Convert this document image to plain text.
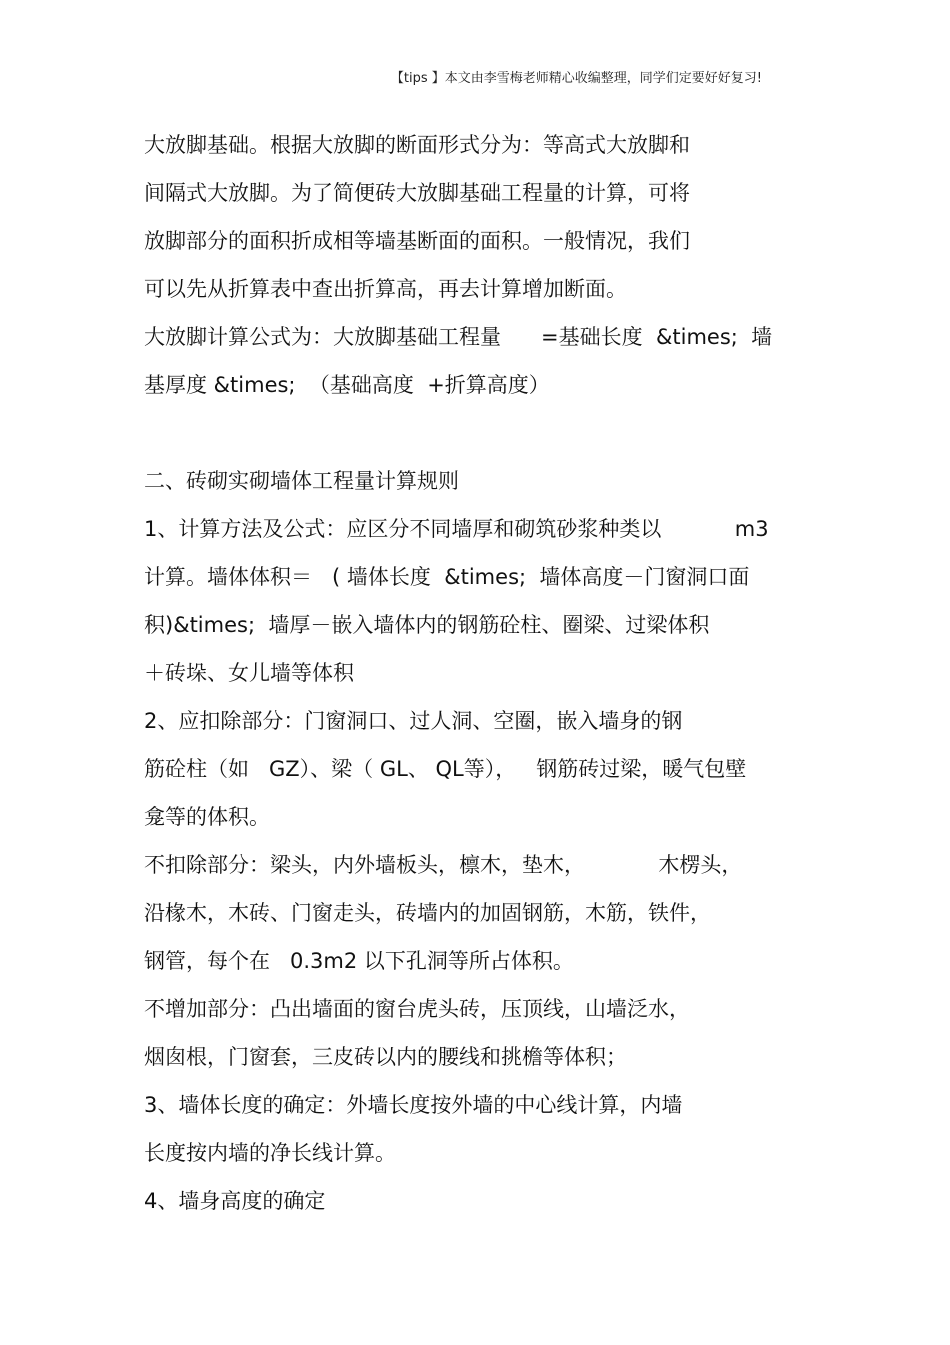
【tips 】本文由李雪梅老师精心收编整理，同学们定要好好复习!
大放脚基础。根据大放脚的断面形式分为：等高式大放脚和
间隔式大放脚。为了简便砖大放脚基础工程量的计算，可将
放脚部分的面积折成相等墙基断面的面积。一般情况，我们
可以先从折算表中查出折算高，再去计算增加断面。
大放脚计算公式为：大放脚基础工程量      =基础长度  &times;  墙
基厚度 &times;  （基础高度  +折算高度）
二、砖砌实砌墙体工程量计算规则
1、计算方法及公式：应区分不同墙厚和砌筑砂浆种类以           m3
计算。墙体体积＝   ( 墙体长度  &times;  墙体高度－门窗洞口面
积)&times;  墙厚－嵌入墙体内的钢筋砼柱、圈梁、过梁体积
＋砖垛、女儿墙等体积
2、应扣除部分：门窗洞口、过人洞、空圈，嵌入墙身的钢
筋砼柱（如   GZ）、梁（ GL、 QL等），   钢筋砖过梁，暖气包壁
龛等的体积。
不扣除部分：梁头，内外墙板头，檩木，垫木，           木楞头，
沿椽木，木砖、门窗走头，砖墙内的加固钢筋，木筋，铁件，
钢管，每个在   0.3m2 以下孔洞等所占体积。
不增加部分：凸出墙面的窗台虎头砖，压顶线，山墙泛水，
烟囱根，门窗套，三皮砖以内的腰线和挑檐等体积；
3、墙体长度的确定：外墙长度按外墙的中心线计算，内墙
长度按内墙的净长线计算。
4、墙身高度的确定
